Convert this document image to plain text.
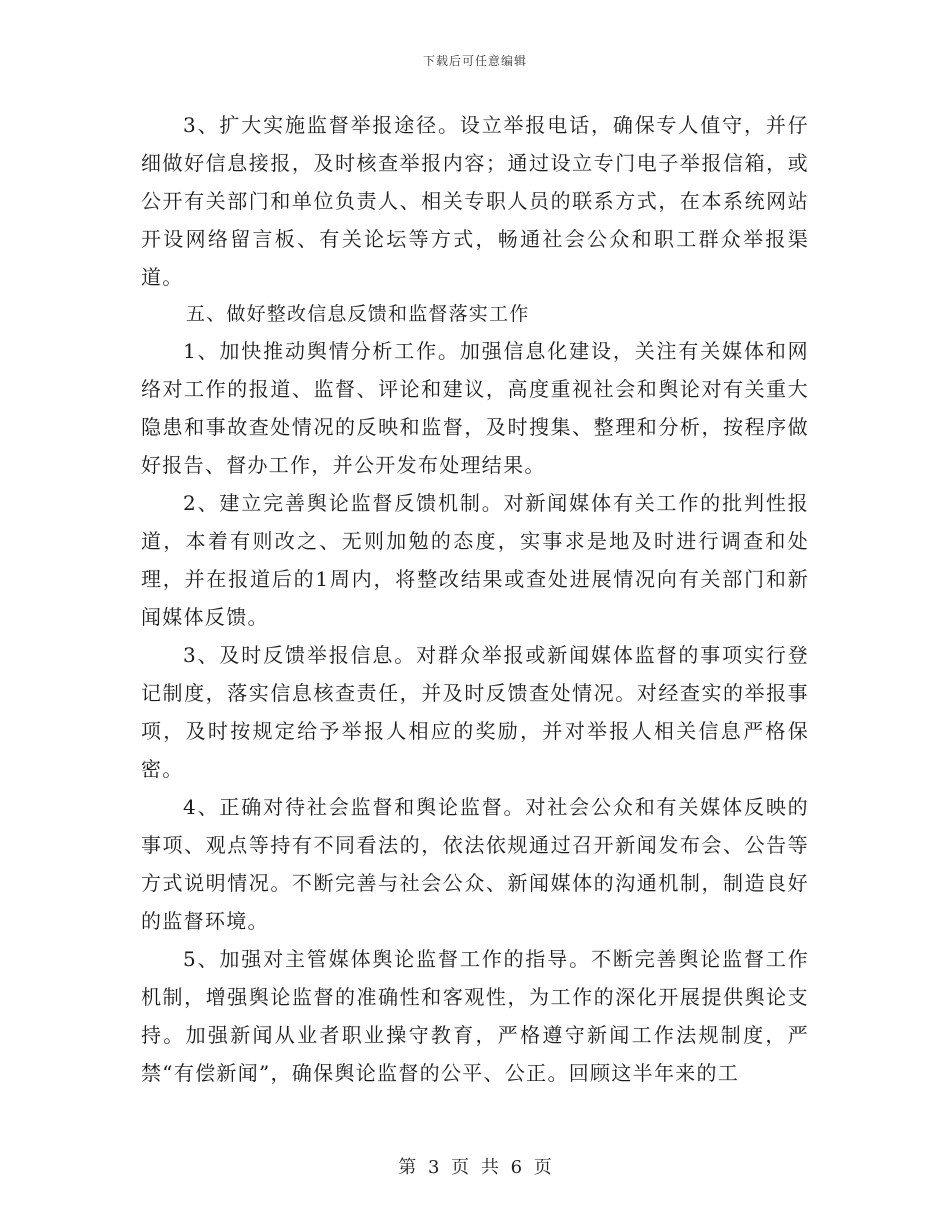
下载后可任意编辑

3、扩大实施监督举报途径。设立举报电话，确保专人值守，并仔细做好信息接报，及时核查举报内容；通过设立专门电子举报信箱，或公开有关部门和单位负责人、相关专职人员的联系方式，在本系统网站开设网络留言板、有关论坛等方式，畅通社会公众和职工群众举报渠道。

五、做好整改信息反馈和监督落实工作

1、加快推动舆情分析工作。加强信息化建设，关注有关媒体和网络对工作的报道、监督、评论和建议，高度重视社会和舆论对有关重大隐患和事故查处情况的反映和监督，及时搜集、整理和分析，按程序做好报告、督办工作，并公开发布处理结果。

2、建立完善舆论监督反馈机制。对新闻媒体有关工作的批判性报道，本着有则改之、无则加勉的态度，实事求是地及时进行调查和处理，并在报道后的1周内，将整改结果或查处进展情况向有关部门和新闻媒体反馈。

3、及时反馈举报信息。对群众举报或新闻媒体监督的事项实行登记制度，落实信息核查责任，并及时反馈查处情况。对经查实的举报事项，及时按规定给予举报人相应的奖励，并对举报人相关信息严格保密。

4、正确对待社会监督和舆论监督。对社会公众和有关媒体反映的事项、观点等持有不同看法的，依法依规通过召开新闻发布会、公告等方式说明情况。不断完善与社会公众、新闻媒体的沟通机制，制造良好的监督环境。

5、加强对主管媒体舆论监督工作的指导。不断完善舆论监督工作机制，增强舆论监督的准确性和客观性，为工作的深化开展提供舆论支持。加强新闻从业者职业操守教育，严格遵守新闻工作法规制度，严禁“有偿新闻”，确保舆论监督的公平、公正。回顾这半年来的工

第 3 页 共 6 页
